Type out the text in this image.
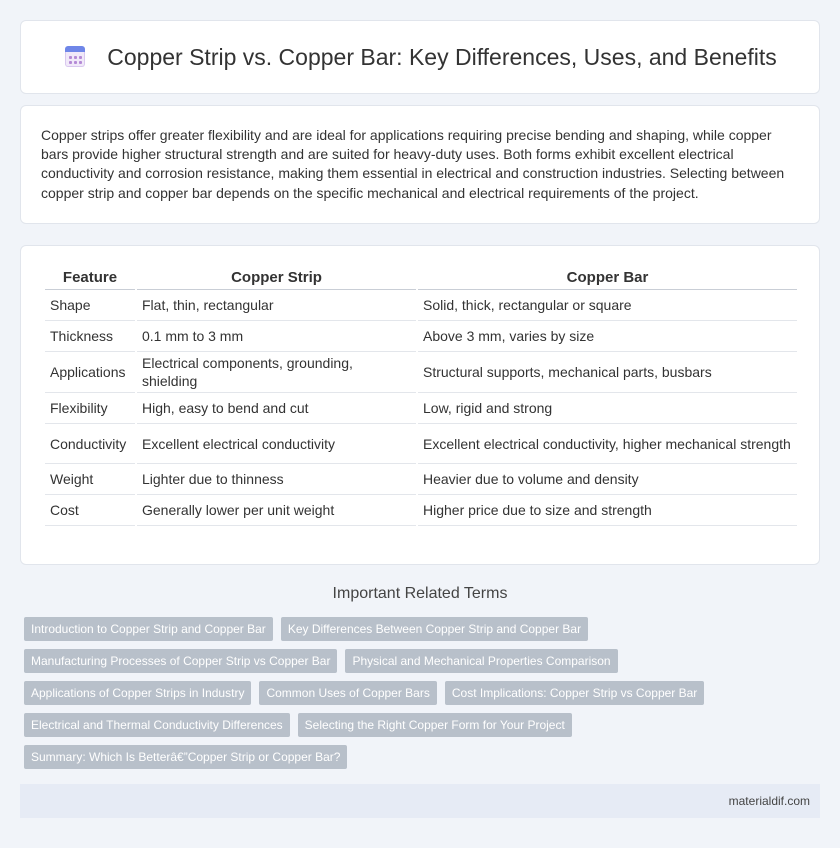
Copper Strip vs. Copper Bar: Key Differences, Uses, and Benefits

Copper strips offer greater flexibility and are ideal for applications requiring precise bending and shaping, while copper bars provide higher structural strength and are suited for heavy-duty uses. Both forms exhibit excellent electrical conductivity and corrosion resistance, making them essential in electrical and construction industries. Selecting between copper strip and copper bar depends on the specific mechanical and electrical requirements of the project.

Feature	Copper Strip	Copper Bar
Shape	Flat, thin, rectangular	Solid, thick, rectangular or square
Thickness	0.1 mm to 3 mm	Above 3 mm, varies by size
Applications	Electrical components, grounding, shielding	Structural supports, mechanical parts, busbars
Flexibility	High, easy to bend and cut	Low, rigid and strong
Conductivity	Excellent electrical conductivity	Excellent electrical conductivity, higher mechanical strength
Weight	Lighter due to thinness	Heavier due to volume and density
Cost	Generally lower per unit weight	Higher price due to size and strength
Important Related Terms
Introduction to Copper Strip and Copper Bar	Key Differences Between Copper Strip and Copper Bar
Manufacturing Processes of Copper Strip vs Copper Bar	Physical and Mechanical Properties Comparison
Applications of Copper Strips in Industry	Common Uses of Copper Bars	Cost Implications: Copper Strip vs Copper Bar
Electrical and Thermal Conductivity Differences	Selecting the Right Copper Form for Your Project
Summary: Which Is Betterâ€”Copper Strip or Copper Bar?
materialdif.com
